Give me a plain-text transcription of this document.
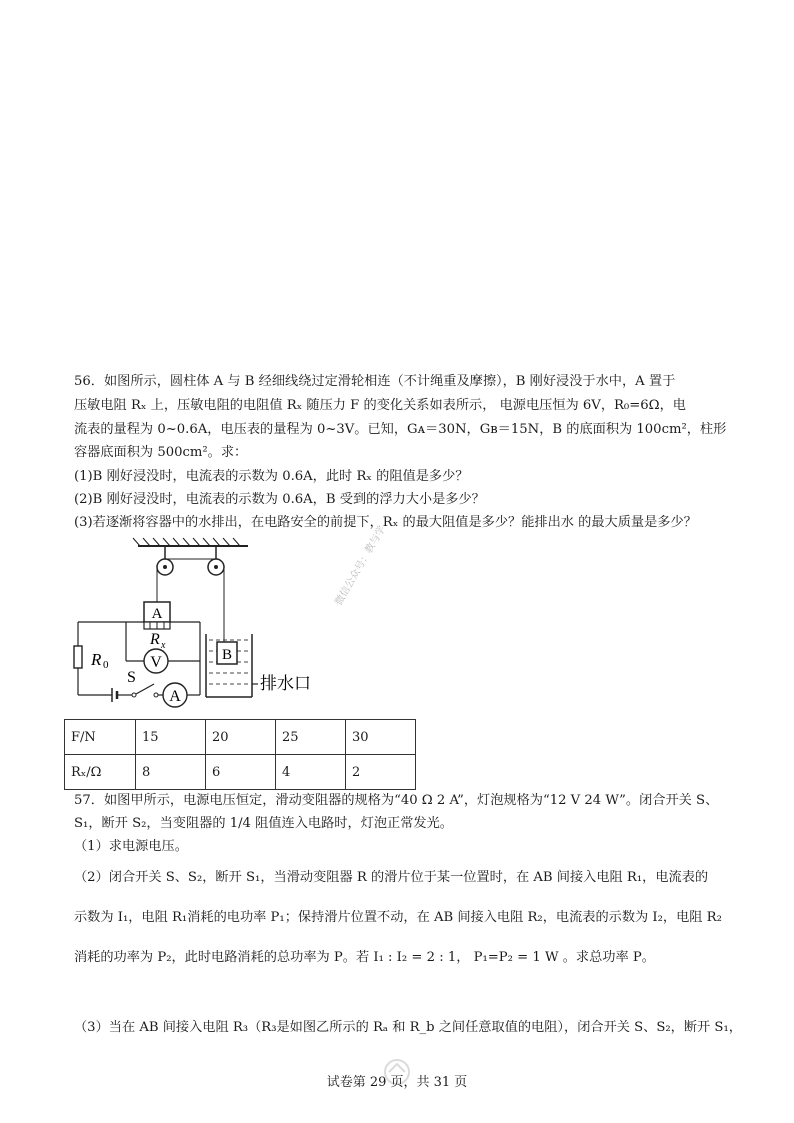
56．如图所示，圆柱体 A 与 B 经细线绕过定滑轮相连（不计绳重及摩擦），B 刚好浸没于水中，A 置于
压敏电阻 Rₓ 上，压敏电阻的电阻值 Rₓ 随压力 F 的变化关系如表所示， 电源电压恒为 6V，R₀=6Ω，电
流表的量程为 0~0.6A，电压表的量程为 0~3V。已知，Gᴀ＝30N，Gʙ＝15N，B 的底面积为 100cm²，柱形
容器底面积为 500cm²。求：
(1)B 刚好浸没时，电流表的示数为 0.6A，此时 Rₓ 的阻值是多少？
(2)B 刚好浸没时，电流表的示数为 0.6A，B 受到的浮力大小是多少？
(3)若逐渐将容器中的水排出，在电路安全的前提下，Rₓ 的最大阻值是多少？能排出水 的最大质量是多少？
A
R x
V
R 0
S
A
B
排水口
微信公众号：教与学
F/N	15	20	25	30
Rₓ/Ω	8	6	4	2
57．如图甲所示，电源电压恒定，滑动变阻器的规格为“40 Ω 2 A”，灯泡规格为“12 V 24 W”。闭合开关 S、
S₁，断开 S₂，当变阻器的 1/4 阻值连入电路时，灯泡正常发光。
（1）求电源电压。
（2）闭合开关 S、S₂，断开 S₁，当滑动变阻器 R 的滑片位于某一位置时，在 AB 间接入电阻 R₁，电流表的
示数为 I₁，电阻 R₁消耗的电功率 P₁；保持滑片位置不动，在 AB 间接入电阻 R₂，电流表的示数为 I₂，电阻 R₂
消耗的功率为 P₂，此时电路消耗的总功率为 P。若 I₁ : I₂ = 2 : 1， P₁=P₂ = 1 W 。求总功率 P。
（3）当在 AB 间接入电阻 R₃（R₃是如图乙所示的 Rₐ 和 R_b 之间任意取值的电阻），闭合开关 S、S₂，断开 S₁，
试卷第 29 页，共 31 页
